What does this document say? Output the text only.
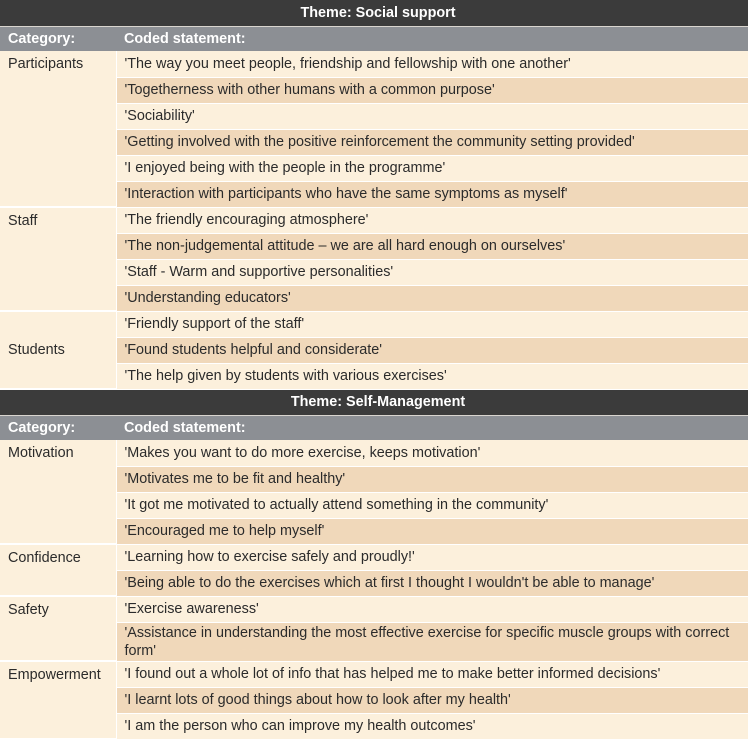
Theme: Social support	
Category:	Coded statement:
Participants	'The way you meet people, friendship and fellowship with one another'
	'Togetherness with other humans with a common purpose'
	'Sociability'
	'Getting involved with the positive reinforcement the community setting provided'
	'I enjoyed being with the people in the programme'
	'Interaction with participants who have the same symptoms as myself'
Staff	'The friendly encouraging atmosphere'
	'The non-judgemental attitude – we are all hard enough on ourselves'
	'Staff - Warm and supportive personalities'
	'Understanding educators'
Students	'Friendly support of the staff'
	'Found students helpful and considerate'
	'The help given by students with various exercises'
Theme: Self-Management	
Category:	Coded statement:
Motivation	'Makes you want to do more exercise, keeps motivation'
	'Motivates me to be fit and healthy'
	'It got me motivated to actually attend something in the community'
	'Encouraged me to help myself'
Confidence	'Learning how to exercise safely and proudly!'
	'Being able to do the exercises which at first I thought I wouldn't be able to manage'
Safety	'Exercise awareness'
	'Assistance in understanding the most effective exercise for specific muscle groups with correct form'
Empowerment	'I found out a whole lot of info that has helped me to make better informed decisions'
	'I learnt lots of good things about how to look after my health'
	'I am the person who can improve my health outcomes'
